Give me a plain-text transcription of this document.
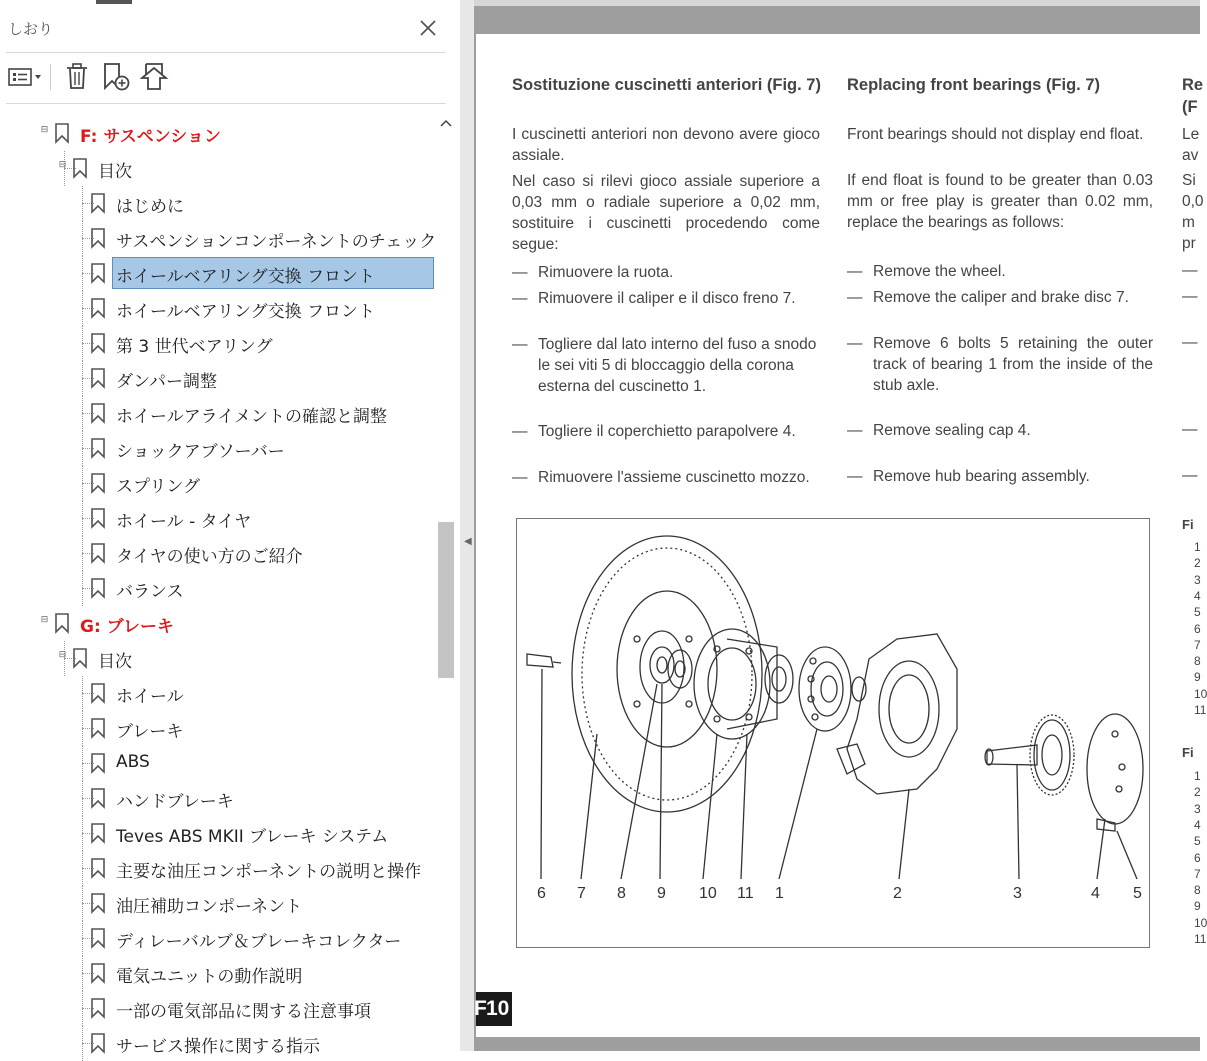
しおり
⊟ F: サスペンション
⊟ 目次
はじめに
サスペンションコンポーネントのチェック
ホイールベアリング交換 フロント
ホイールベアリング交換 フロント
第 3 世代ベアリング
ダンパー調整
ホイールアライメントの確認と調整
ショックアブソーバー
スプリング
ホイール - タイヤ
タイヤの使い方のご紹介
バランス
⊟ G: ブレーキ
⊟ 目次
ホイール
ブレーキ
ABS
ハンドブレーキ
Teves ABS MKII ブレーキ システム
主要な油圧コンポーネントの説明と操作
油圧補助コンポーネント
ディレーバルブ＆ブレーキコレクター
電気ユニットの動作説明
一部の電気部品に関する注意事項
サービス操作に関する指示
◀
Sostituzione cuscinetti anteriori (Fig. 7)
I cuscinetti anteriori non devono avere gioco assiale.
Nel caso si rilevi gioco assiale superiore a 0,03 mm o radiale superiore a 0,02 mm, sostituire i cuscinetti procedendo come segue:
— Rimuovere la ruota.
— Rimuovere il caliper e il disco freno 7.
— Togliere dal lato interno del fuso a snodo le sei viti 5 di bloccaggio della corona esterna del cuscinetto 1.
— Togliere il coperchietto parapolvere 4.
— Rimuovere l'assieme cuscinetto mozzo.
Replacing front bearings (Fig. 7)
Front bearings should not display end float.
If end float is found to be greater than 0.03 mm or free play is greater than 0.02 mm, replace the bearings as follows:
— Remove the wheel.
— Remove the caliper and brake disc 7.
— Remove 6 bolts 5 retaining the outer track of bearing 1 from the inside of the stub axle.
— Remove sealing cap 4.
— Remove hub bearing assembly.
Re
(F
Le
av
Si
0,0
m
pr
—
—
—
—
—
Fi
Fi
6 7 8 9 10 11 1	2	3	4 5
F 10
1
2
3
4
5
6
7
8
9
10
11
1
2
3
4
5
6
7
8
9
10
11
